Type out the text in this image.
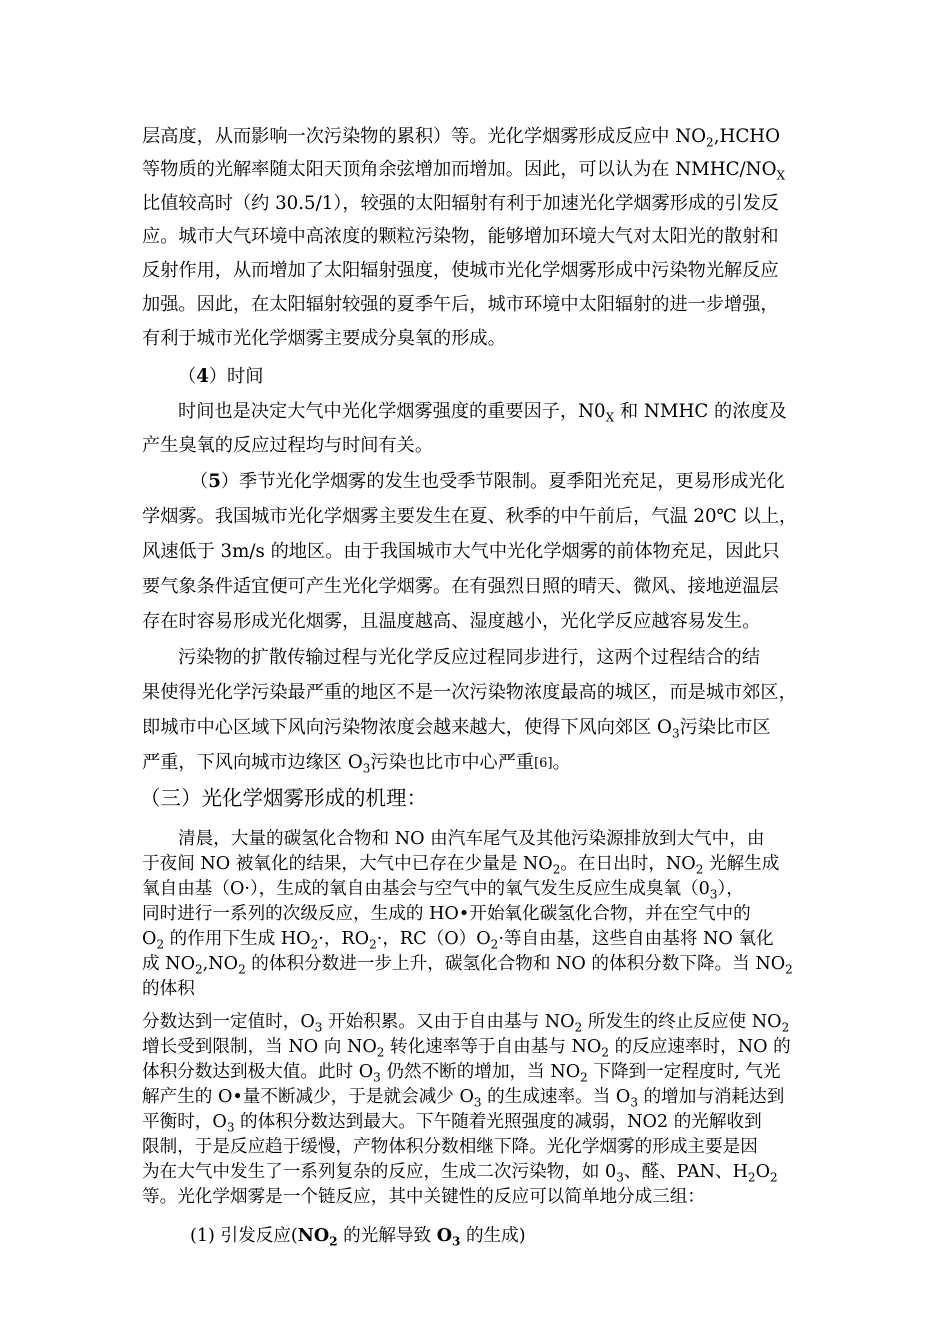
层高度，从而影响一次污染物的累积）等。光化学烟雾形成反应中 $NO_2,HCHO$
等物质的光解率随太阳天顶角余弦增加而增加。因此，可以认为在 NMHC/$NO_X$
比值较高时（约 30.5/1），较强的太阳辐射有利于加速光化学烟雾形成的引发反
应。城市大气环境中高浓度的颗粒污染物，能够增加环境大气对太阳光的散射和
反射作用，从而增加了太阳辐射强度，使城市光化学烟雾形成中污染物光解反应
加强。因此，在太阳辐射较强的夏季午后，城市环境中太阳辐射的进一步增强，
有利于城市光化学烟雾主要成分臭氧的形成。
（4）时间
时间也是决定大气中光化学烟雾强度的重要因子，$N0_X$ 和 NMHC 的浓度及
产生臭氧的反应过程均与时间有关。
（5）季节光化学烟雾的发生也受季节限制。夏季阳光充足，更易形成光化
学烟雾。我国城市光化学烟雾主要发生在夏、秋季的中午前后，气温 20℃ 以上，
风速低于 3m/s 的地区。由于我国城市大气中光化学烟雾的前体物充足，因此只
要气象条件适宜便可产生光化学烟雾。在有强烈日照的晴天、微风、接地逆温层
存在时容易形成光化烟雾，且温度越高、湿度越小，光化学反应越容易发生。
污染物的扩散传输过程与光化学反应过程同步进行，这两个过程结合的结
果使得光化学污染最严重的地区不是一次污染物浓度最高的城区，而是城市郊区，
即城市中心区域下风向污染物浓度会越来越大，使得下风向郊区 $O_3$污染比市区
严重，下风向城市边缘区 $O_3$污染也比市中心严重[6]。
（三）光化学烟雾形成的机理：
清晨，大量的碳氢化合物和 NO 由汽车尾气及其他污染源排放到大气中，由
于夜间 NO 被氧化的结果，大气中已存在少量是 $NO_2$。在日出时，$NO_2$ 光解生成
氧自由基（O·），生成的氧自由基会与空气中的氧气发生反应生成臭氧$(0_3)$，
同时进行一系列的次级反应，生成的 HO•开始氧化碳氢化合物，并在空气中的
$O_2$ 的作用下生成 $HO_2\cdot$，$RO_2\cdot$，$RC(O)O_2\cdot$等自由基，这些自由基将 NO 氧化
成 $NO_2,NO_2$ 的体积分数进一步上升，碳氢化合物和 NO 的体积分数下降。当 $NO_2$
的体积
分数达到一定值时，$O_3$ 开始积累。又由于自由基与 $NO_2$ 所发生的终止反应使 $NO_2$
增长受到限制，当 NO 向 $NO_2$ 转化速率等于自由基与 $NO_2$ 的反应速率时，NO 的
体积分数达到极大值。此时 $O_3$ 仍然不断的增加，当 $NO_2$ 下降到一定程度时, 气光
解产生的 O•量不断减少，于是就会减少 $O_3$ 的生成速率。当 $O_3$ 的增加与消耗达到
平衡时，$O_3$ 的体积分数达到最大。下午随着光照强度的减弱，NO2 的光解收到
限制，于是反应趋于缓慢，产物体积分数相继下降。光化学烟雾的形成主要是因
为在大气中发生了一系列复杂的反应，生成二次污染物，如 $0_3$、醛、PAN、$H_2O_2$
等。光化学烟雾是一个链反应，其中关键性的反应可以简单地分成三组：
(1) 引发反应($NO_2$ 的光解导致 $O_3$ 的生成)
